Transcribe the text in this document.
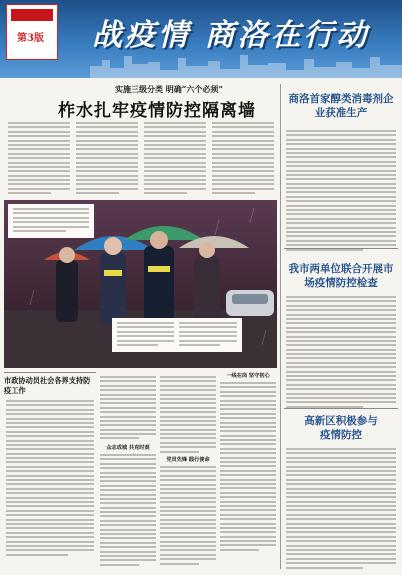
第3版 战疫情 商洛在行动
实施三级分类 明确“六个必须”
柞水扎牢疫情防控隔离墙
市政协动员社会各界支持防疫工作
众志成城 共克时艰
党员先锋 践行使命
一线在岗 坚守初心
商洛首家醇类消毒剂企业获准生产
我市两单位联合开展市场疫情防控检查
高新区积极参与疫情防控
